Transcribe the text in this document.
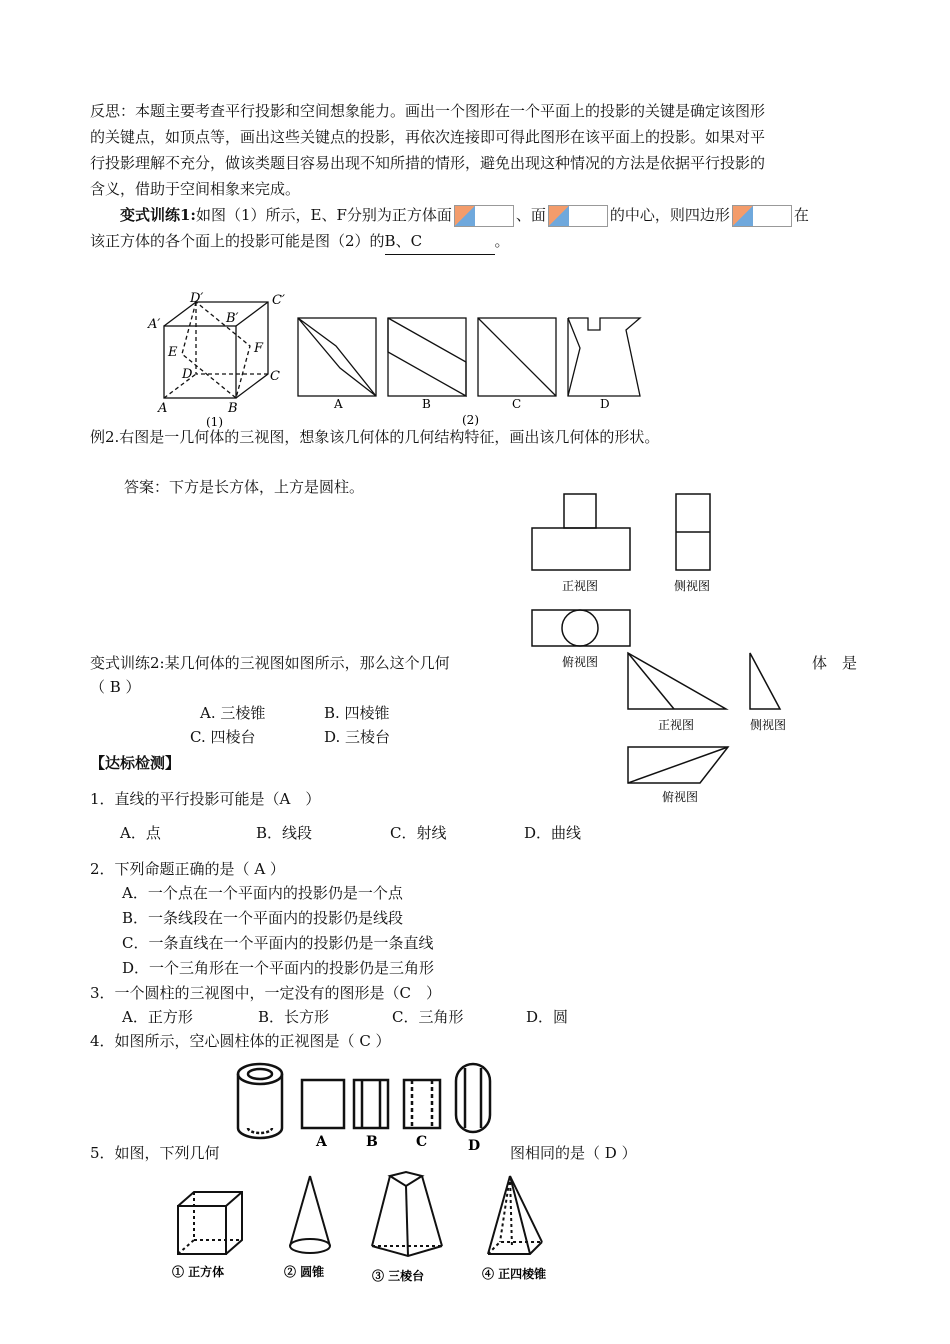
反思：本题主要考查平行投影和空间想象能力。画出一个图形在一个平面上的投影的关键是确定该图形
的关键点，如顶点等，画出这些关键点的投影，再依次连接即可得此图形在该平面上的投影。如果对平
行投影理解不充分，做该类题目容易出现不知所措的情形，避免出现这种情况的方法是依据平行投影的
含义，借助于空间相象来完成。
变式训练1:如图（1）所示，E、F分别为正方体面	、面	的中心，则四边形	在
该正方体的各个面上的投影可能是图（2）的B、C	。
D′	C′
A′	B′
E	F
D	C
A	B
(1)
A	B	C	D
(2)
例2.右图是一几何体的三视图，想象该几何体的几何结构特征，画出该几何体的形状。
答案：下方是长方体，上方是圆柱。
正视图	侧视图
俯视图
变式训练2:某几何体的三视图如图所示，那么这个几何	体　是
（ B ）
A. 三棱锥	B. 四棱锥
C. 四棱台	D. 三棱台
正视图	侧视图
俯视图
【达标检测】
1．直线的平行投影可能是（A　）
A．点	B．线段	C．射线	D．曲线
2．下列命题正确的是（ A ）
A．一个点在一个平面内的投影仍是一个点
B．一条线段在一个平面内的投影仍是线段
C．一条直线在一个平面内的投影仍是一条直线
D．一个三角形在一个平面内的投影仍是三角形
3．一个圆柱的三视图中，一定没有的图形是（C　）
A．正方形	B．长方形	C．三角形	D．圆
4．如图所示，空心圆柱体的正视图是（ C ）
A	B	C	D
5．如图，下列几何	图相同的是（ D ）
① 正方体	② 圆锥	③ 三棱台	④ 正四棱锥
